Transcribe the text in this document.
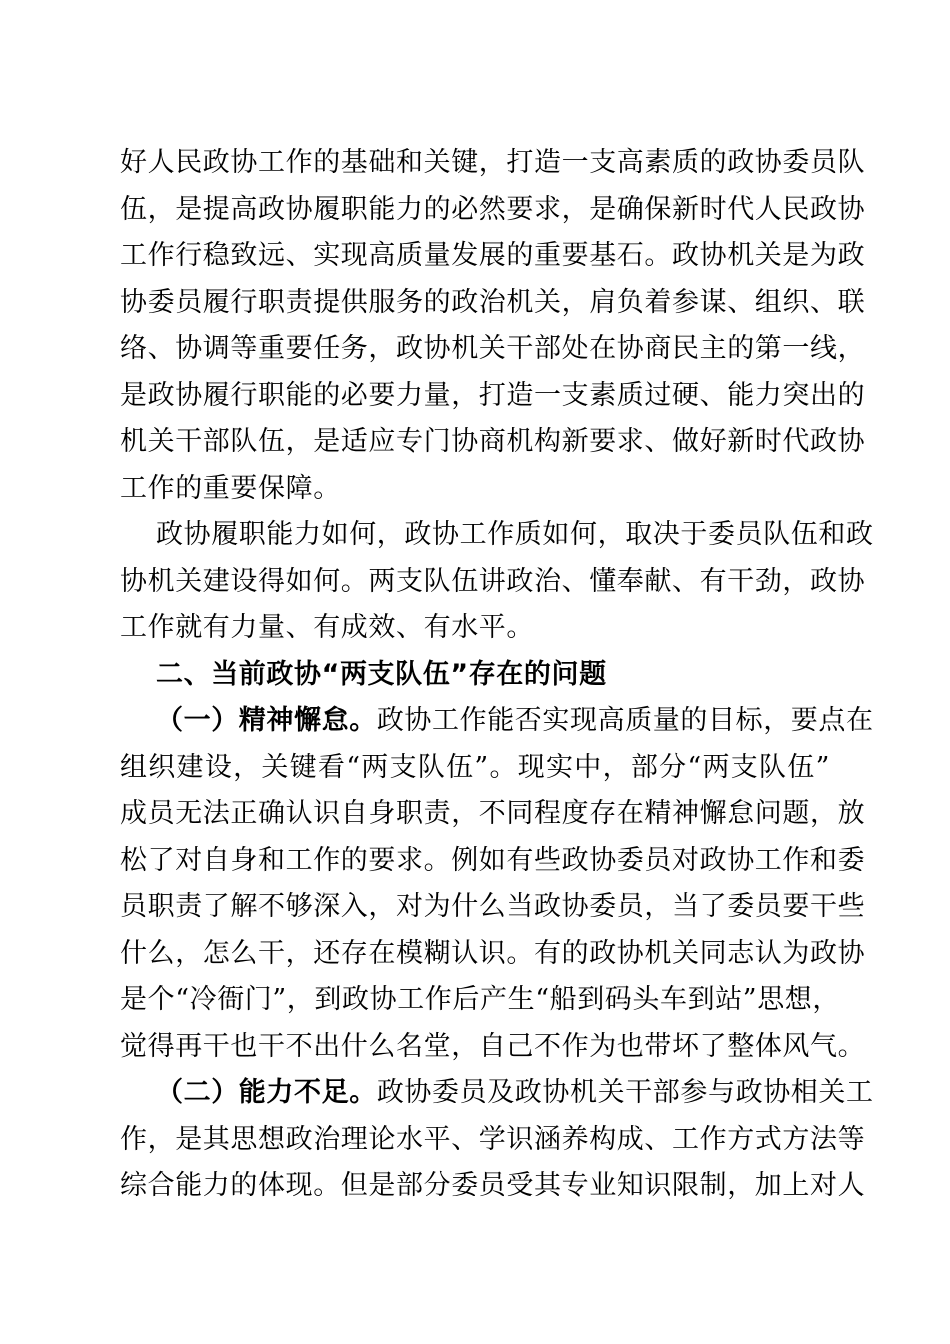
好人民政协工作的基础和关键，打造一支高素质的政协委员队
伍，是提高政协履职能力的必然要求，是确保新时代人民政协
工作行稳致远、实现高质量发展的重要基石。政协机关是为政
协委员履行职责提供服务的政治机关，肩负着参谋、组织、联
络、协调等重要任务，政协机关干部处在协商民主的第一线，
是政协履行职能的必要力量，打造一支素质过硬、能力突出的
机关干部队伍，是适应专门协商机构新要求、做好新时代政协
工作的重要保障。
政协履职能力如何，政协工作质如何，取决于委员队伍和政
协机关建设得如何。两支队伍讲政治、懂奉献、有干劲，政协
工作就有力量、有成效、有水平。
二、当前政协“两支队伍”存在的问题
（一）精神懈怠。政协工作能否实现高质量的目标，要点在
组织建设，关键看“两支队伍”。现实中，部分“两支队伍”
成员无法正确认识自身职责，不同程度存在精神懈怠问题，放
松了对自身和工作的要求。例如有些政协委员对政协工作和委
员职责了解不够深入，对为什么当政协委员，当了委员要干些
什么，怎么干，还存在模糊认识。有的政协机关同志认为政协
是个“冷衙门”，到政协工作后产生“船到码头车到站”思想，
觉得再干也干不出什么名堂，自己不作为也带坏了整体风气。
（二）能力不足。政协委员及政协机关干部参与政协相关工
作，是其思想政治理论水平、学识涵养构成、工作方式方法等
综合能力的体现。但是部分委员受其专业知识限制，加上对人
